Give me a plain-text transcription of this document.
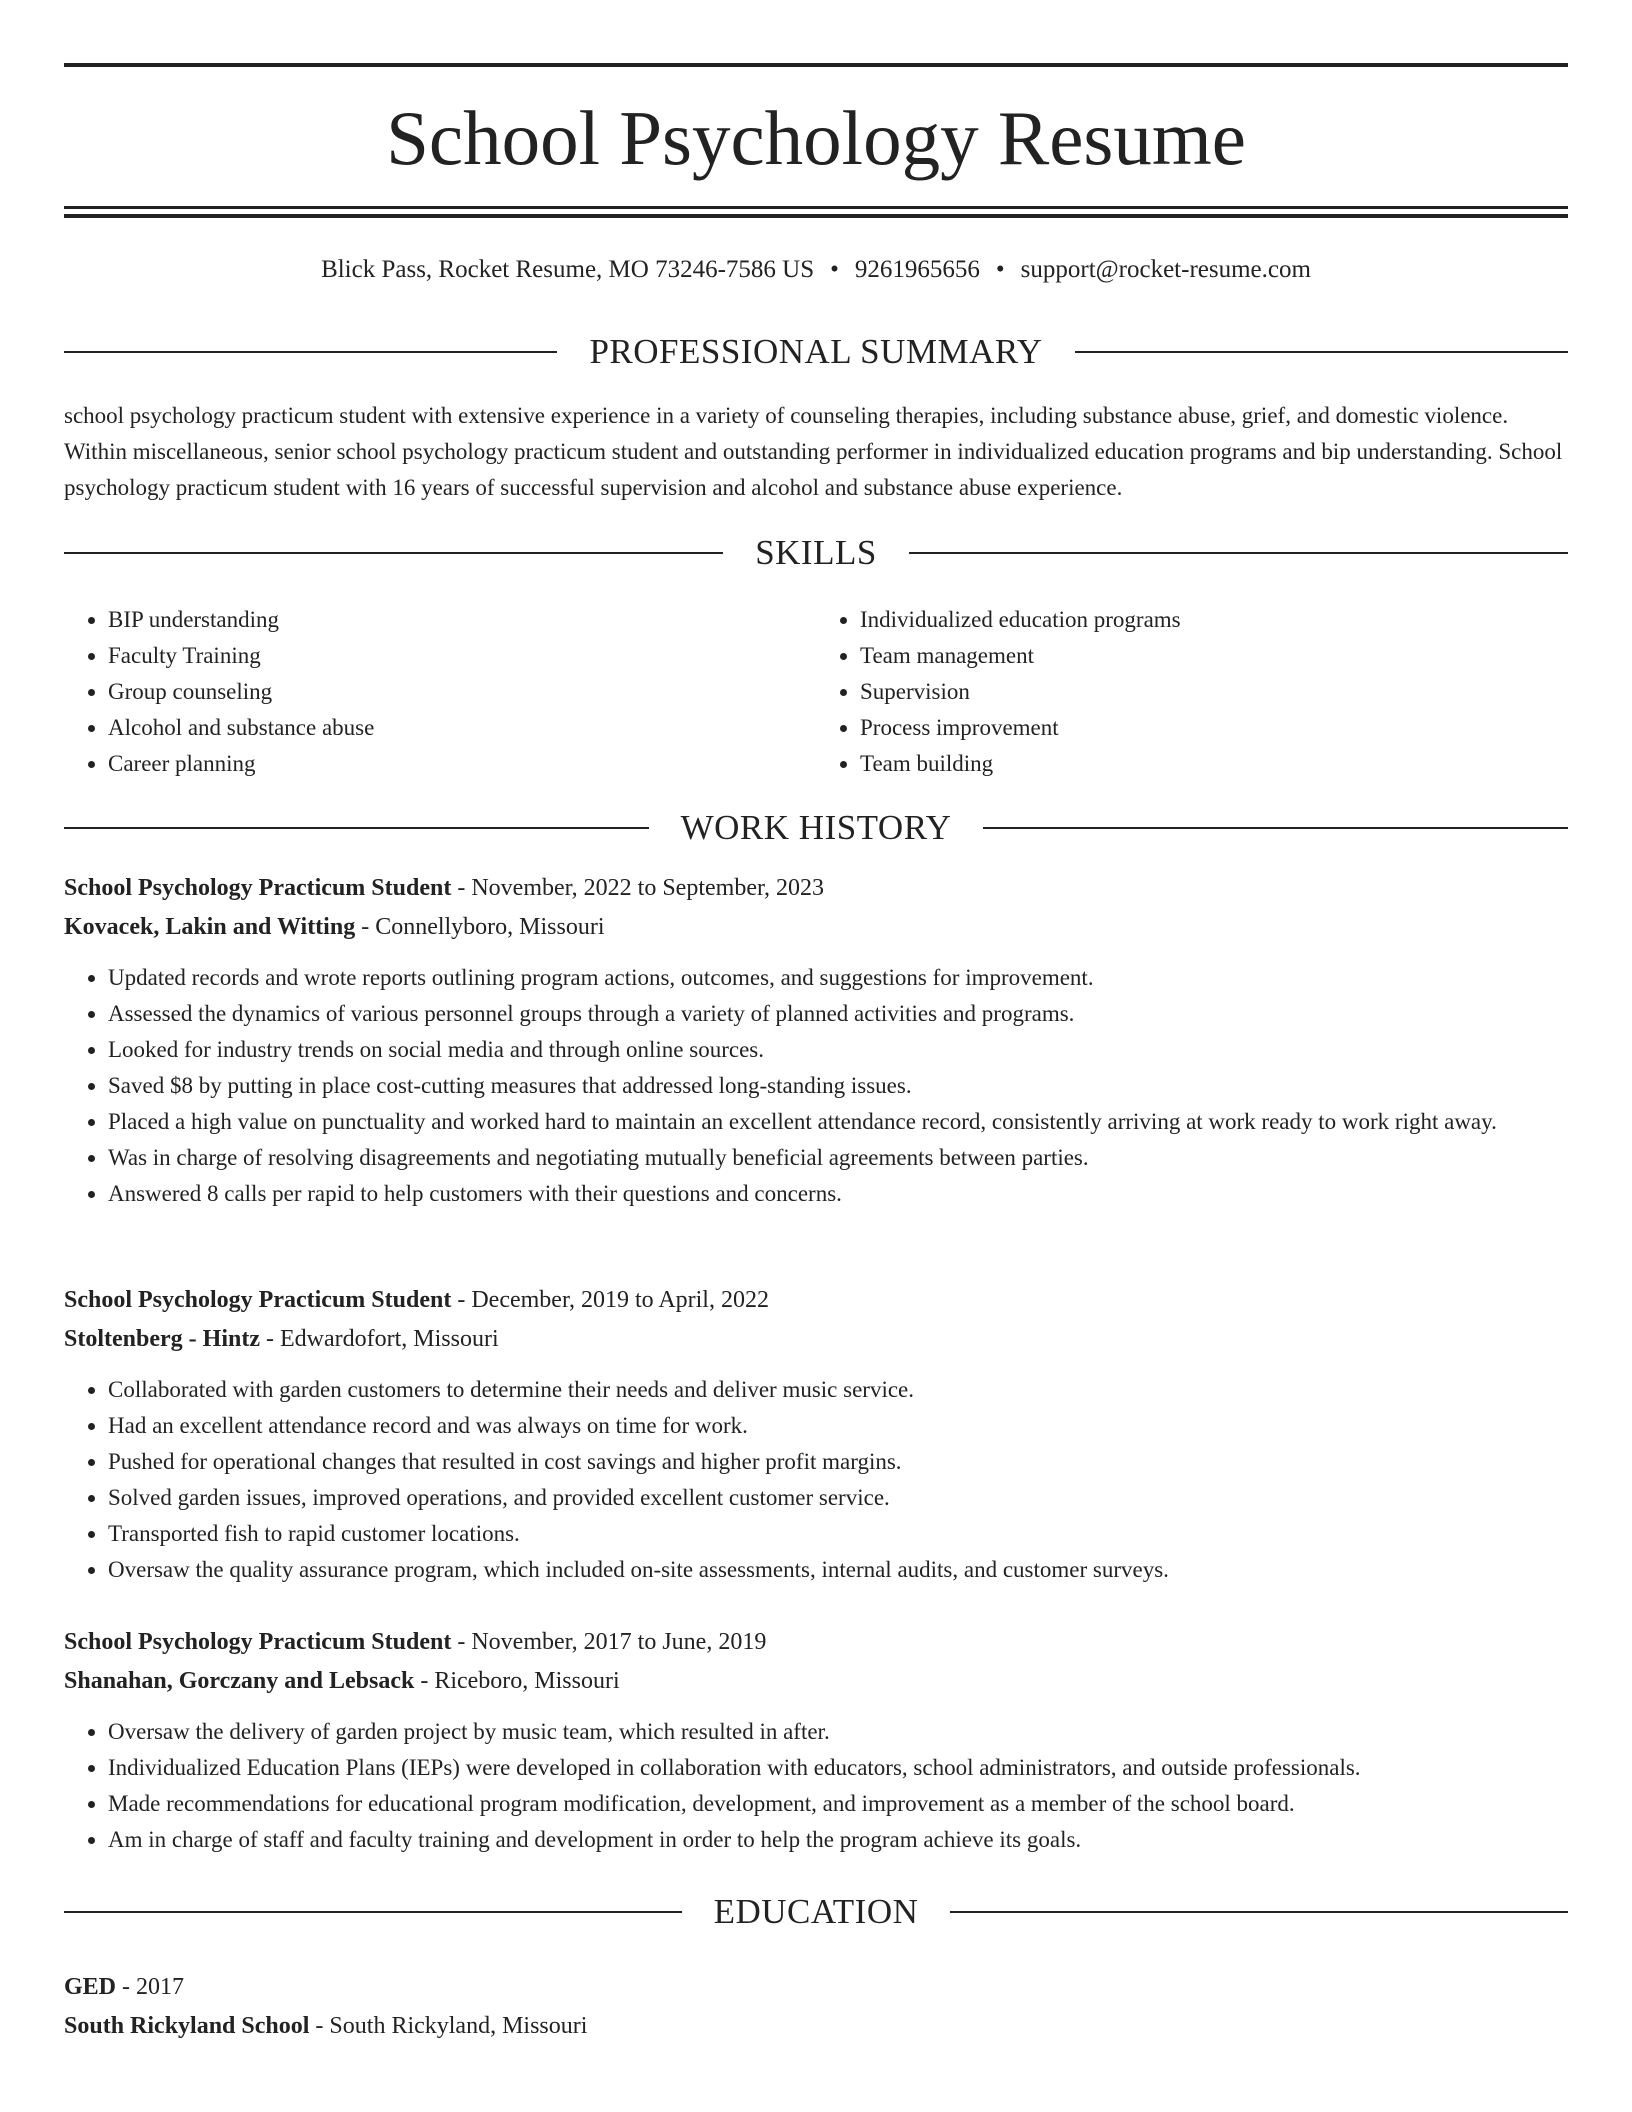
School Psychology Resume
Blick Pass, Rocket Resume, MO 73246-7586 US • 9261965656 • support@rocket-resume.com
PROFESSIONAL SUMMARY

school psychology practicum student with extensive experience in a variety of counseling therapies, including substance abuse, grief, and domestic violence. Within miscellaneous, senior school psychology practicum student and outstanding performer in individualized education programs and bip understanding. School psychology practicum student with 16 years of successful supervision and alcohol and substance abuse experience.

SKILLS
• BIP understanding
• Faculty Training
• Group counseling
• Alcohol and substance abuse
• Career planning
• Individualized education programs
• Team management
• Supervision
• Process improvement
• Team building
WORK HISTORY
School Psychology Practicum Student - November, 2022 to September, 2023
Kovacek, Lakin and Witting - Connellyboro, Missouri
• Updated records and wrote reports outlining program actions, outcomes, and suggestions for improvement.
• Assessed the dynamics of various personnel groups through a variety of planned activities and programs.
• Looked for industry trends on social media and through online sources.
• Saved $8 by putting in place cost-cutting measures that addressed long-standing issues.
• Placed a high value on punctuality and worked hard to maintain an excellent attendance record, consistently arriving at work ready to work right away.
• Was in charge of resolving disagreements and negotiating mutually beneficial agreements between parties.
• Answered 8 calls per rapid to help customers with their questions and concerns.
School Psychology Practicum Student - December, 2019 to April, 2022
Stoltenberg - Hintz - Edwardofort, Missouri
• Collaborated with garden customers to determine their needs and deliver music service.
• Had an excellent attendance record and was always on time for work.
• Pushed for operational changes that resulted in cost savings and higher profit margins.
• Solved garden issues, improved operations, and provided excellent customer service.
• Transported fish to rapid customer locations.
• Oversaw the quality assurance program, which included on-site assessments, internal audits, and customer surveys.
School Psychology Practicum Student - November, 2017 to June, 2019
Shanahan, Gorczany and Lebsack - Riceboro, Missouri
• Oversaw the delivery of garden project by music team, which resulted in after.
• Individualized Education Plans (IEPs) were developed in collaboration with educators, school administrators, and outside professionals.
• Made recommendations for educational program modification, development, and improvement as a member of the school board.
• Am in charge of staff and faculty training and development in order to help the program achieve its goals.
EDUCATION
GED - 2017
South Rickyland School - South Rickyland, Missouri
